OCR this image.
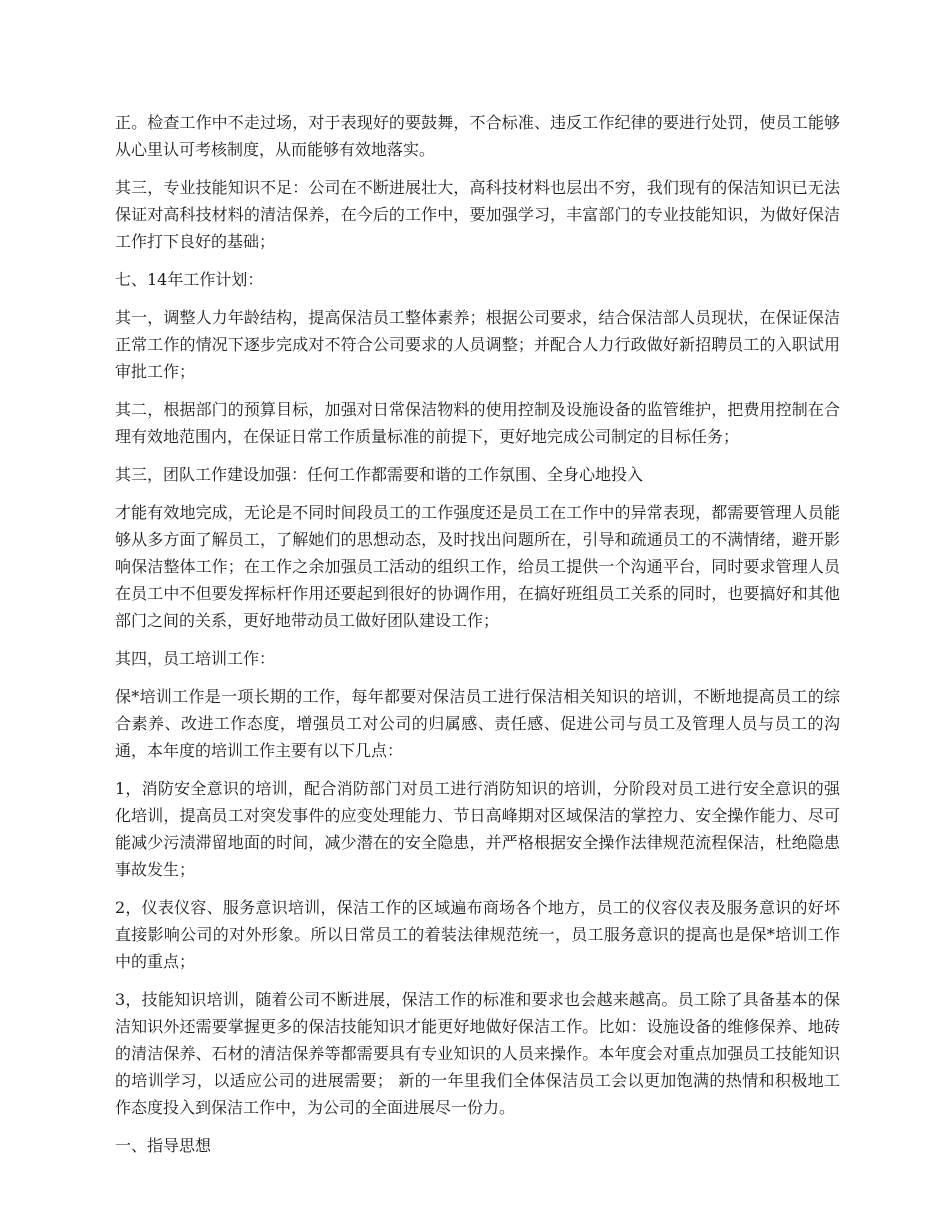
正。检查工作中不走过场，对于表现好的要鼓舞，不合标准、违反工作纪律的要进行处罚，使员工能够从心里认可考核制度，从而能够有效地落实。

其三，专业技能知识不足：公司在不断进展壮大，高科技材料也层出不穷，我们现有的保洁知识已无法保证对高科技材料的清洁保养，在今后的工作中，要加强学习，丰富部门的专业技能知识，为做好保洁工作打下良好的基础；

七、14年工作计划：

其一，调整人力年龄结构，提高保洁员工整体素养；根据公司要求，结合保洁部人员现状，在保证保洁正常工作的情况下逐步完成对不符合公司要求的人员调整；并配合人力行政做好新招聘员工的入职试用审批工作；

其二，根据部门的预算目标，加强对日常保洁物料的使用控制及设施设备的监管维护，把费用控制在合理有效地范围内，在保证日常工作质量标准的前提下，更好地完成公司制定的目标任务；

其三，团队工作建设加强：任何工作都需要和谐的工作氛围、全身心地投入

才能有效地完成，无论是不同时间段员工的工作强度还是员工在工作中的异常表现，都需要管理人员能够从多方面了解员工，了解她们的思想动态，及时找出问题所在，引导和疏通员工的不满情绪，避开影响保洁整体工作；在工作之余加强员工活动的组织工作，给员工提供一个沟通平台，同时要求管理人员在员工中不但要发挥标杆作用还要起到很好的协调作用，在搞好班组员工关系的同时，也要搞好和其他部门之间的关系，更好地带动员工做好团队建设工作；

其四，员工培训工作：

保*培训工作是一项长期的工作，每年都要对保洁员工进行保洁相关知识的培训，不断地提高员工的综合素养、改进工作态度，增强员工对公司的归属感、责任感、促进公司与员工及管理人员与员工的沟通，本年度的培训工作主要有以下几点：

1，消防安全意识的培训，配合消防部门对员工进行消防知识的培训，分阶段对员工进行安全意识的强化培训，提高员工对突发事件的应变处理能力、节日高峰期对区域保洁的掌控力、安全操作能力、尽可能减少污渍滞留地面的时间，减少潜在的安全隐患，并严格根据安全操作法律规范流程保洁，杜绝隐患事故发生；

2，仪表仪容、服务意识培训，保洁工作的区域遍布商场各个地方，员工的仪容仪表及服务意识的好坏直接影响公司的对外形象。所以日常员工的着装法律规范统一，员工服务意识的提高也是保*培训工作中的重点；

3，技能知识培训，随着公司不断进展，保洁工作的标准和要求也会越来越高。员工除了具备基本的保洁知识外还需要掌握更多的保洁技能知识才能更好地做好保洁工作。比如：设施设备的维修保养、地砖的清洁保养、石材的清洁保养等都需要具有专业知识的人员来操作。本年度会对重点加强员工技能知识的培训学习，以适应公司的进展需要； 新的一年里我们全体保洁员工会以更加饱满的热情和积极地工作态度投入到保洁工作中，为公司的全面进展尽一份力。

一、指导思想
